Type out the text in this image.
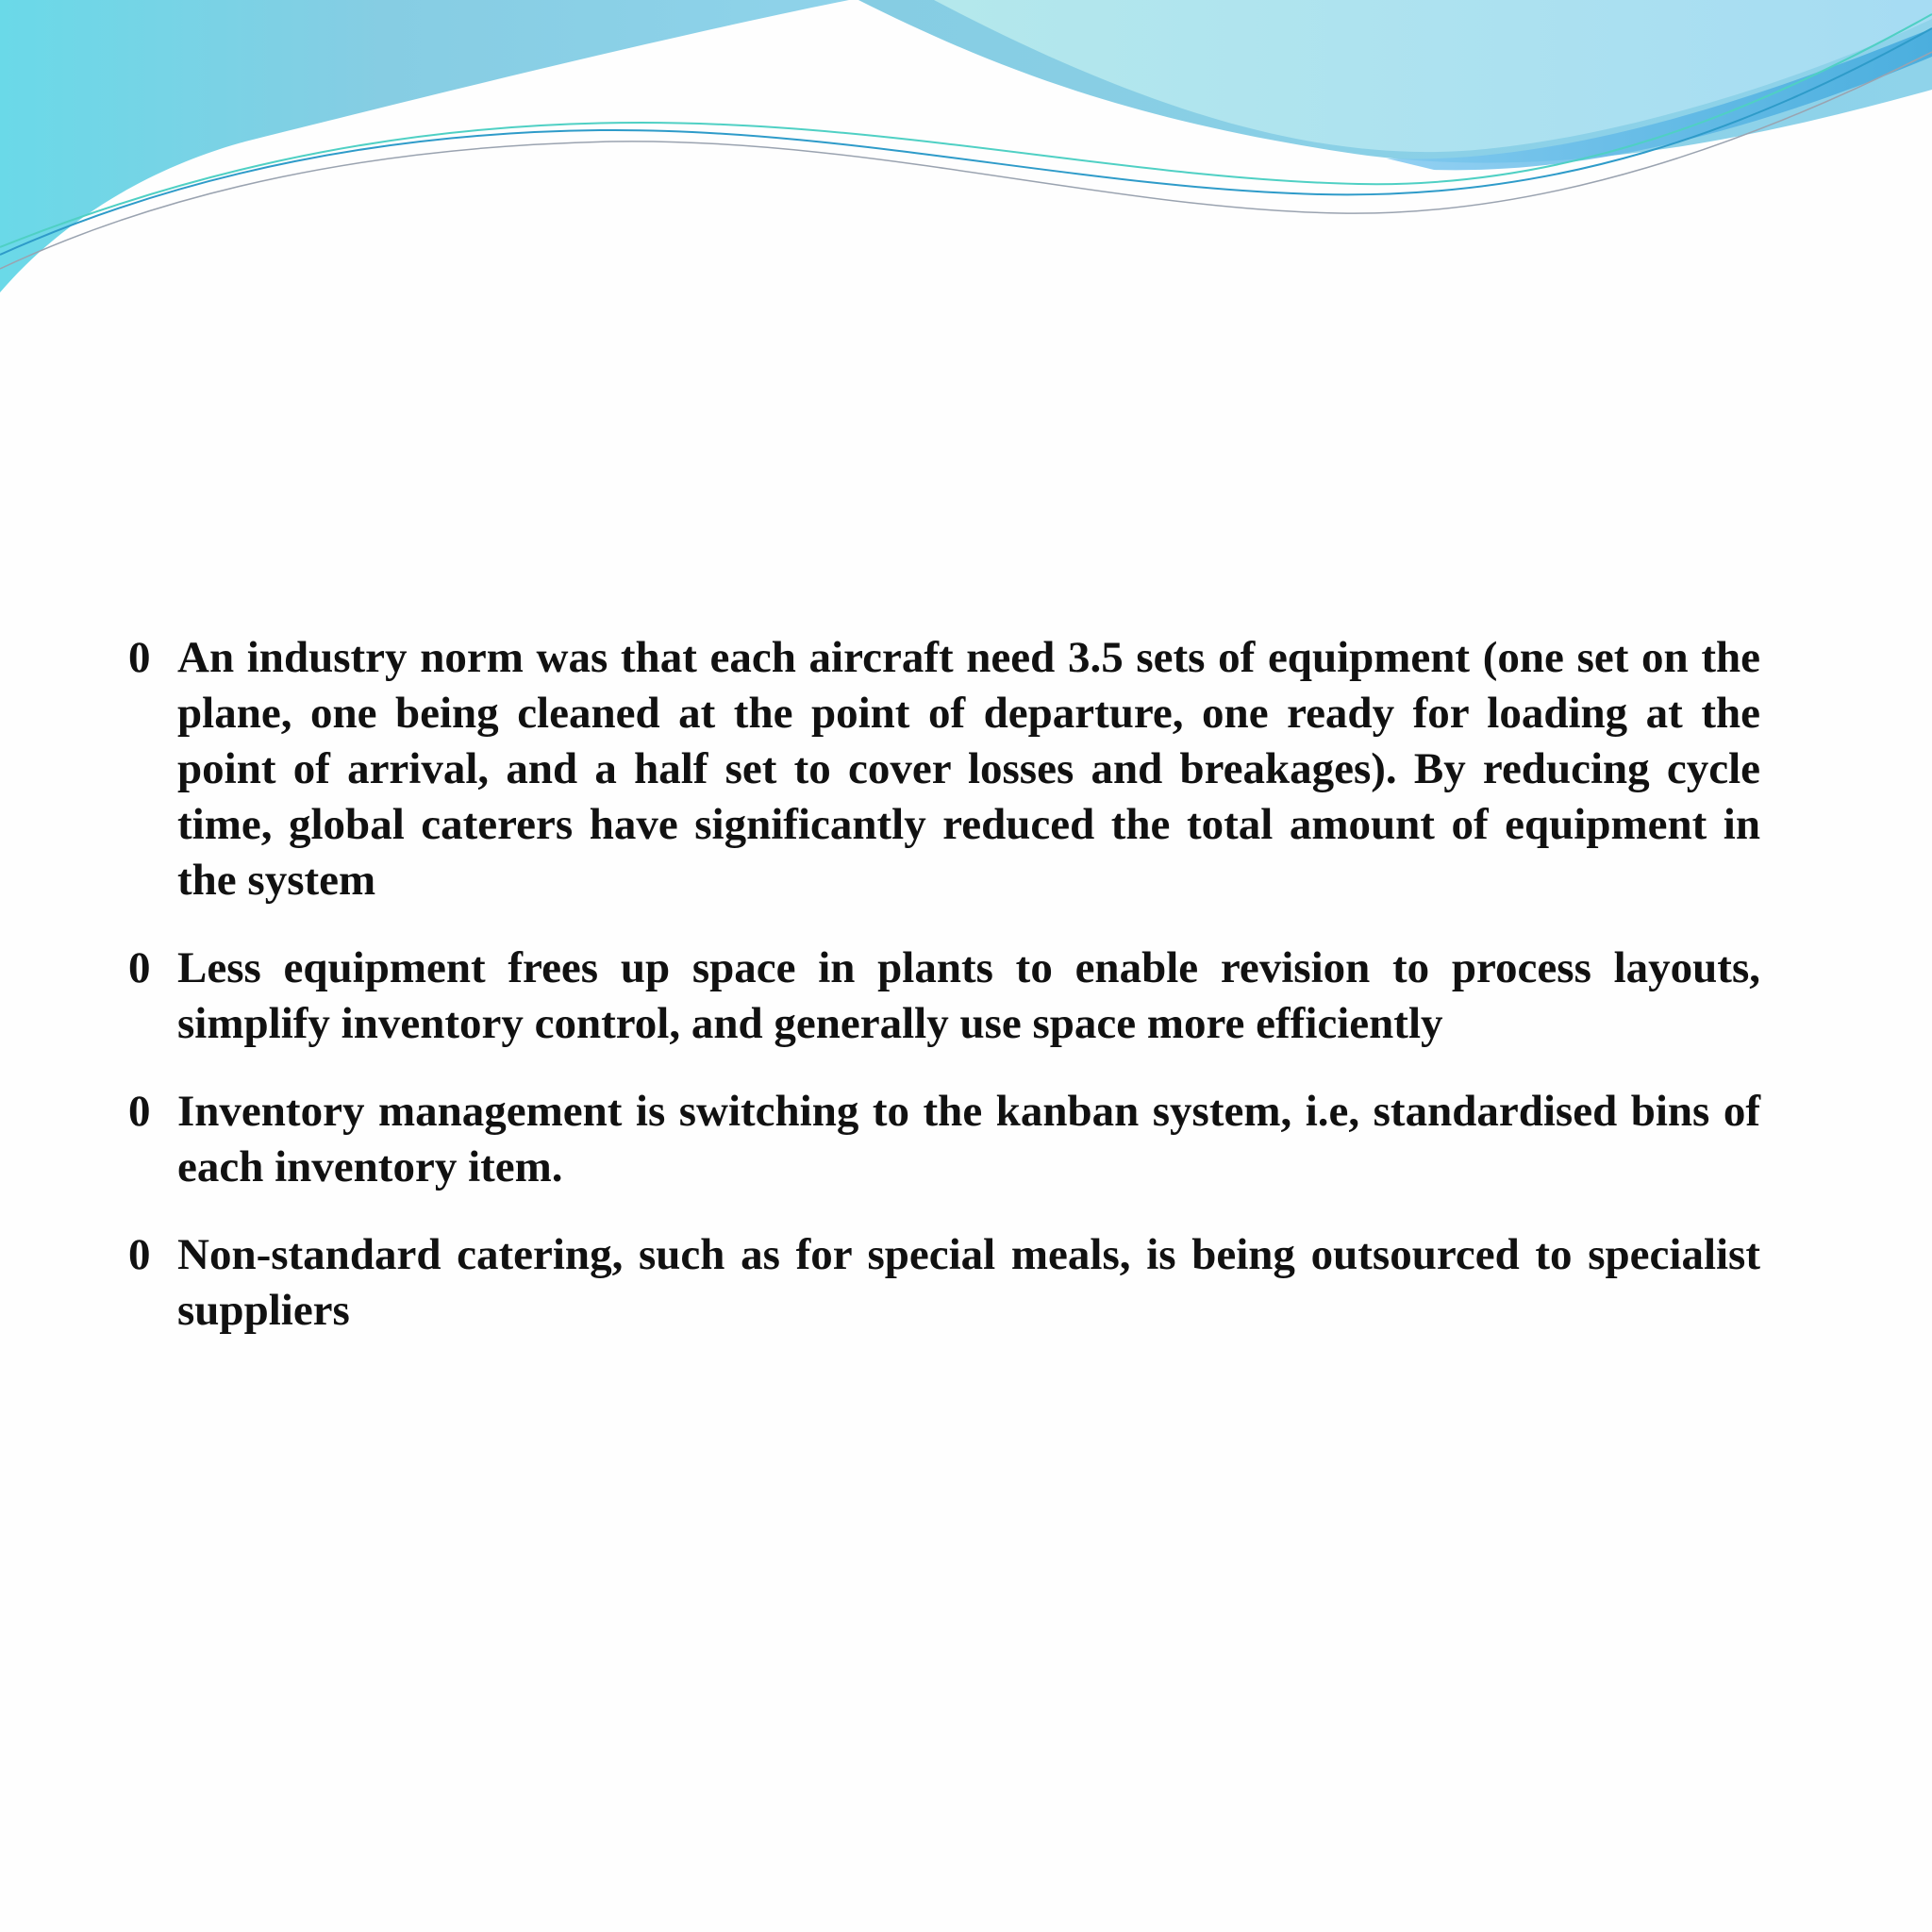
0 An industry norm was that each aircraft need 3.5 sets of equipment (one set on the plane, one being cleaned at the point of departure, one ready for loading at the point of arrival, and a half set to cover losses and breakages). By reducing cycle time, global caterers have significantly reduced the total amount of equipment in the system

0 Less equipment frees up space in plants to enable revision to process layouts, simplify inventory control, and generally use space more efficiently

0 Inventory management is switching to the kanban system, i.e, standardised bins of each inventory item.

0 Non-standard catering, such as for special meals, is being outsourced to specialist suppliers
